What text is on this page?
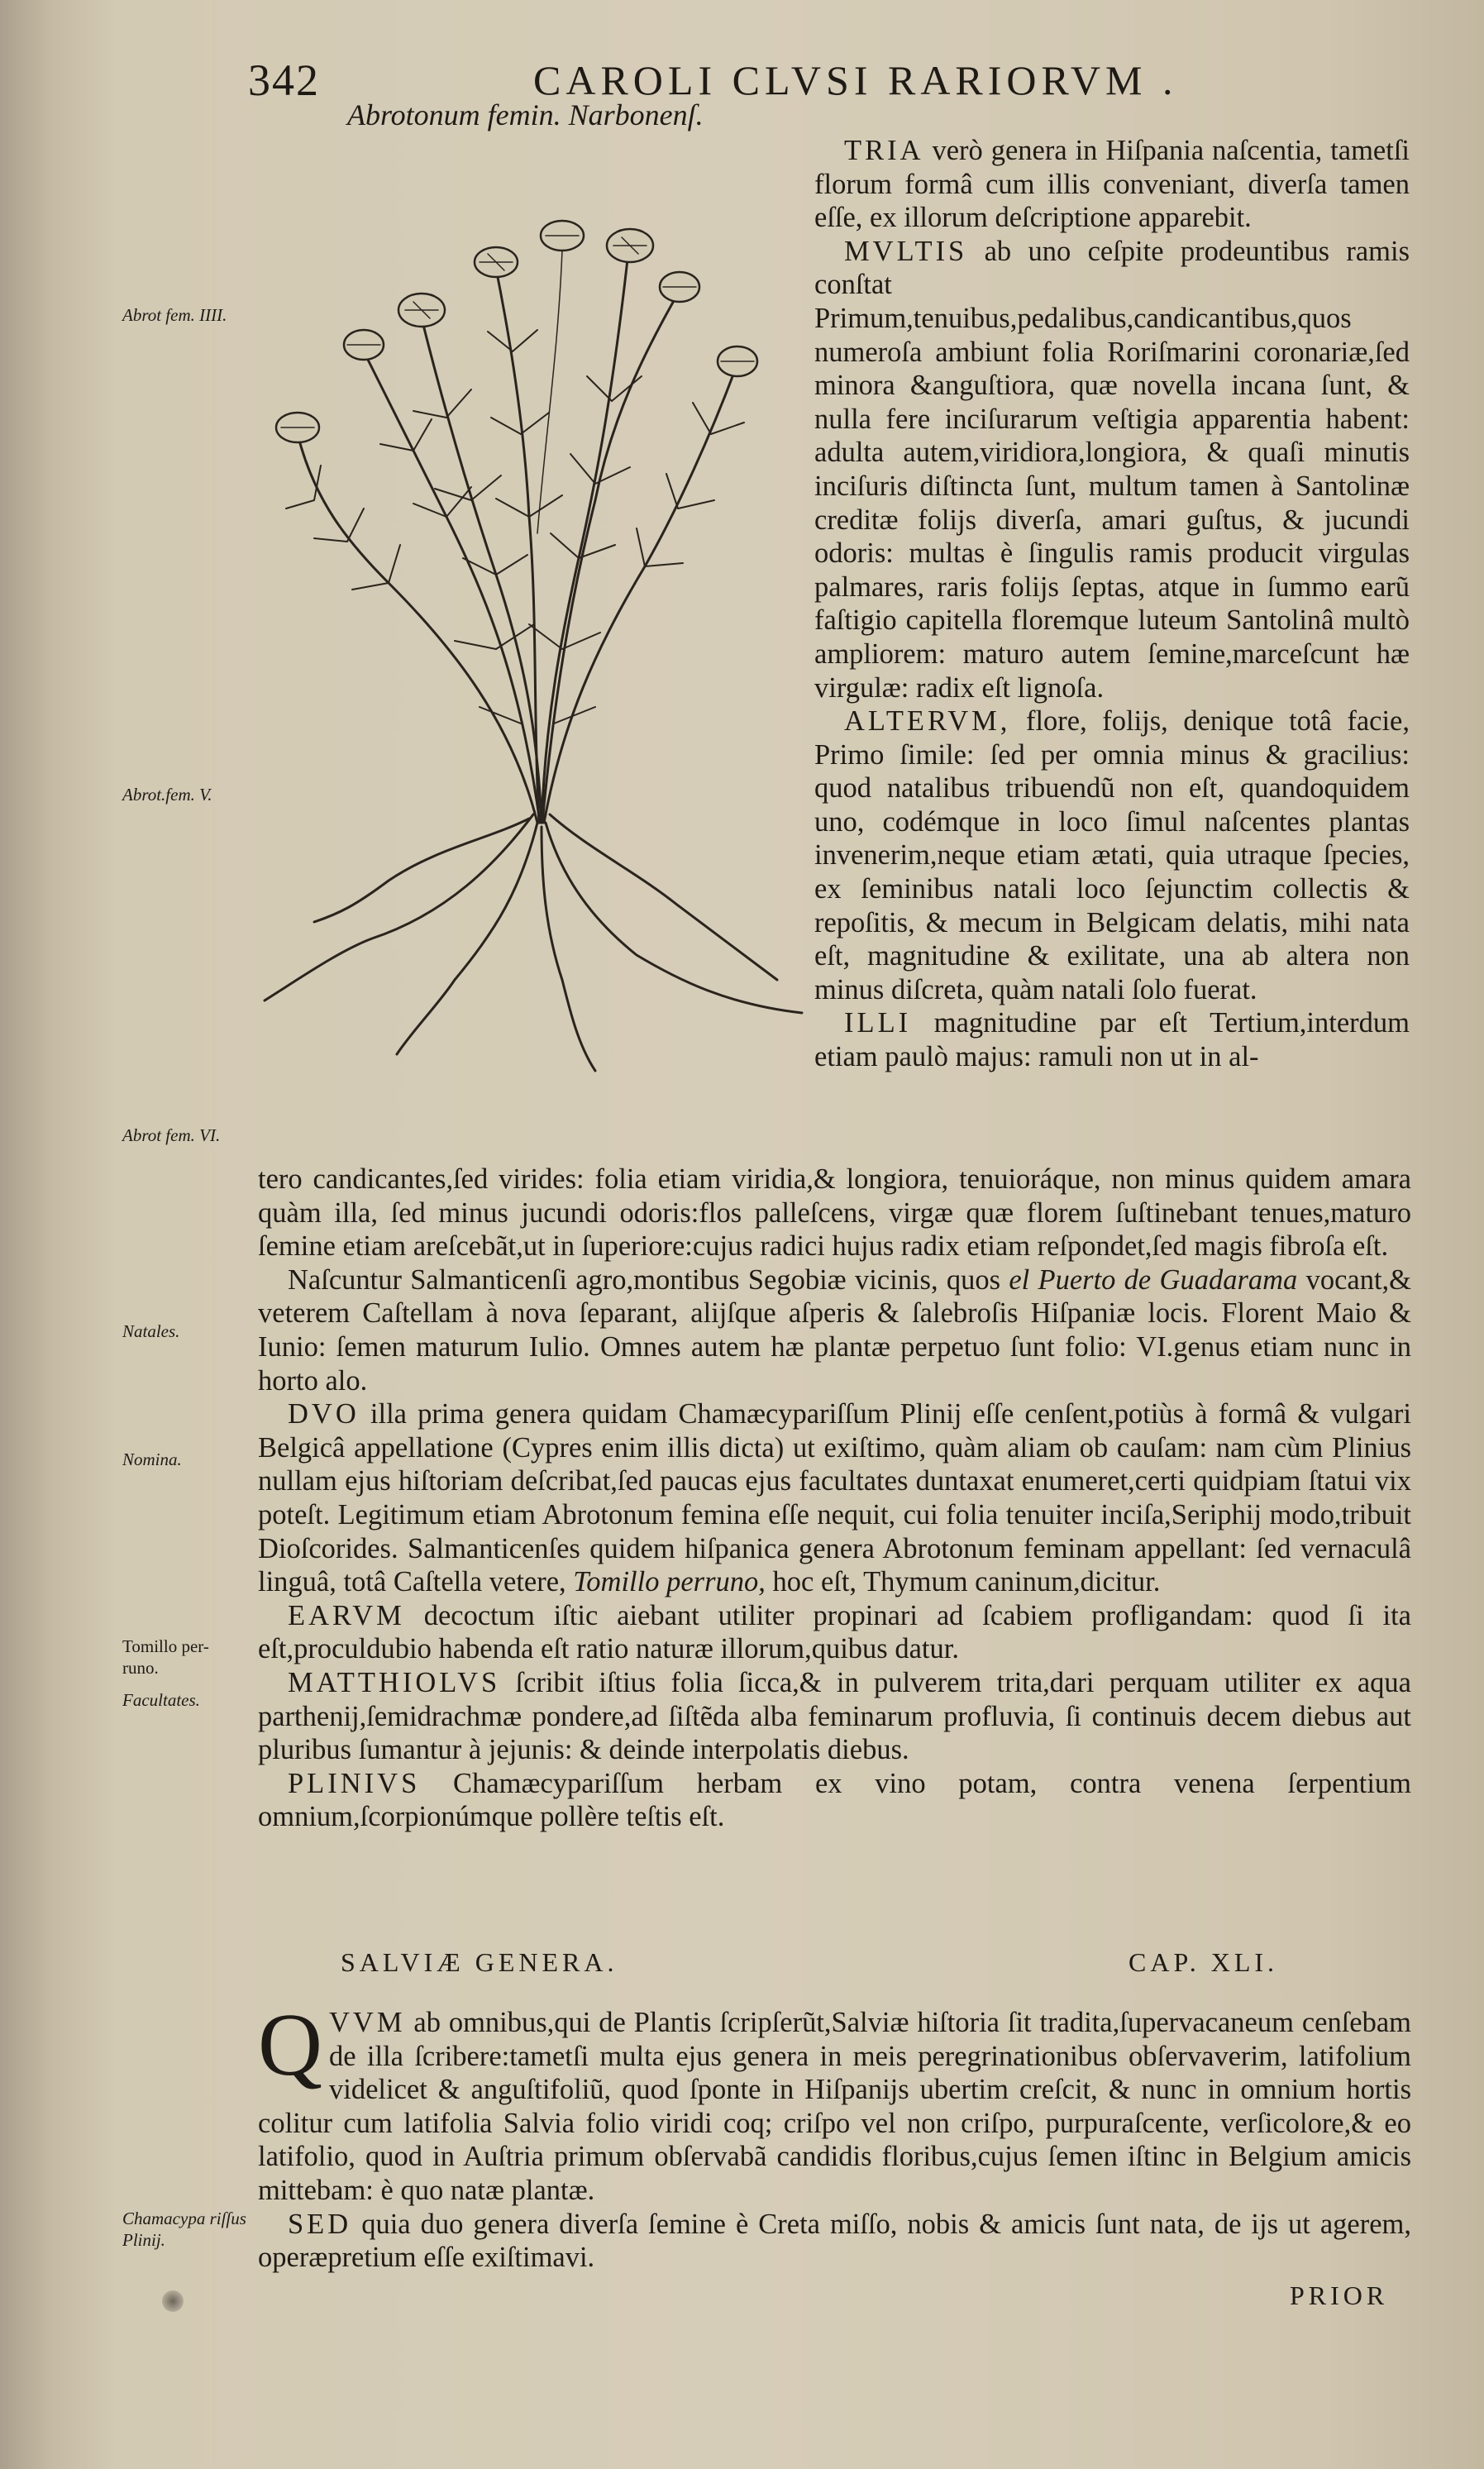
342	CAROLI CLVSI RARIORVM .
Abrotonum femin. Narbonenſ.
Abrot fem. IIII.
Abrot.fem. V.
Abrot fem. VI.
Natales.
Nomina.
Tomillo per- runo.
Facultates.
Chamacypa riſſus Plinij.

TRIA verò genera in Hiſpania naſcentia, tametſi florum formâ cum illis conveniant, diverſa tamen eſſe, ex illorum deſcriptione apparebit.

MVLTIS ab uno ceſpite prodeuntibus ramis conſtat Primum,tenuibus,pedalibus,candicantibus,quos numeroſa ambiunt folia Roriſmarini coronariæ,ſed minora &anguſtiora, quæ novella incana ſunt, & nulla fere inciſurarum veſtigia apparentia habent: adulta autem,viridiora,longiora, & quaſi minutis inciſuris diſtincta ſunt, multum tamen à Santolinæ creditæ folijs diverſa, amari guſtus, & jucundi odoris: multas è ſingulis ramis producit virgulas palmares, raris folijs ſeptas, atque in ſummo earũ faſtigio capitella floremque luteum Santolinâ multò ampliorem: maturo autem ſemine,marceſcunt hæ virgulæ: radix eſt lignoſa.

ALTERVM, flore, folijs, denique totâ facie, Primo ſimile: ſed per omnia minus & gracilius: quod natalibus tribuendũ non eſt, quandoquidem uno, codémque in loco ſimul naſcentes plantas invenerim,neque etiam ætati, quia utraque ſpecies, ex ſeminibus natali loco ſejunctim collectis & repoſitis, & mecum in Belgicam delatis, mihi nata eſt, magnitudine & exilitate, una ab altera non minus diſcreta, quàm natali ſolo fuerat.

ILLI magnitudine par eſt Tertium,interdum etiam paulò majus: ramuli non ut in al-

tero candicantes,ſed virides: folia etiam viridia,& longiora, tenuioráque, non minus quidem amara quàm illa, ſed minus jucundi odoris:flos palleſcens, virgæ quæ florem ſuſtinebant tenues,maturo ſemine etiam areſcebãt,ut in ſuperiore:cujus radici hujus radix etiam reſpondet,ſed magis fibroſa eſt.

Naſcuntur Salmanticenſi agro,montibus Segobiæ vicinis, quos el Puerto de Guadarama vocant,& veterem Caſtellam à nova ſeparant, alijſque aſperis & ſalebroſis Hiſpaniæ locis. Florent Maio & Iunio: ſemen maturum Iulio. Omnes autem hæ plantæ perpetuo ſunt folio: VI.genus etiam nunc in horto alo.

DVO illa prima genera quidam Chamæcypariſſum Plinij eſſe cenſent,potiùs à formâ & vulgari Belgicâ appellatione (Cypres enim illis dicta) ut exiſtimo, quàm aliam ob cauſam: nam cùm Plinius nullam ejus hiſtoriam deſcribat,ſed paucas ejus facultates duntaxat enumeret,certi quidpiam ſtatui vix poteſt. Legitimum etiam Abrotonum femina eſſe nequit, cui folia tenuiter inciſa,Seriphij modo,tribuit Dioſcorides. Salmanticenſes quidem hiſpanica genera Abrotonum feminam appellant: ſed vernaculâ linguâ, totâ Caſtella vetere, Tomillo perruno, hoc eſt, Thymum caninum,dicitur.

EARVM decoctum iſtic aiebant utiliter propinari ad ſcabiem profligandam: quod ſi ita eſt,proculdubio habenda eſt ratio naturæ illorum,quibus datur.

MATTHIOLVS ſcribit iſtius folia ſicca,& in pulverem trita,dari perquam utiliter ex aqua parthenij,ſemidrachmæ pondere,ad ſiſtẽda alba feminarum profluvia, ſi continuis decem diebus aut pluribus ſumantur à jejunis: & deinde interpolatis diebus.

PLINIVS Chamæcypariſſum herbam ex vino potam, contra venena ſerpentium omnium,ſcorpionúmque pollère teſtis eſt.

SALVIÆ GENERA.	CAP. XLI.

QVVM ab omnibus,qui de Plantis ſcripſerũt,Salviæ hiſtoria ſit tradita,ſupervacaneum cenſebam de illa ſcribere:tametſi multa ejus genera in meis peregrinationibus obſervaverim, latifolium videlicet & anguſtifoliũ, quod ſponte in Hiſpanijs ubertim creſcit, & nunc in omnium hortis colitur cum latifolia Salvia folio viridi coq; criſpo vel non criſpo, purpuraſcente, verſicolore,& eo latifolio, quod in Auſtria primum obſervabã candidis floribus,cujus ſemen iſtinc in Belgium amicis mittebam: è quo natæ plantæ.

SED quia duo genera diverſa ſemine è Creta miſſo, nobis & amicis ſunt nata, de ijs ut agerem, operæpretium eſſe exiſtimavi.

PRIOR
